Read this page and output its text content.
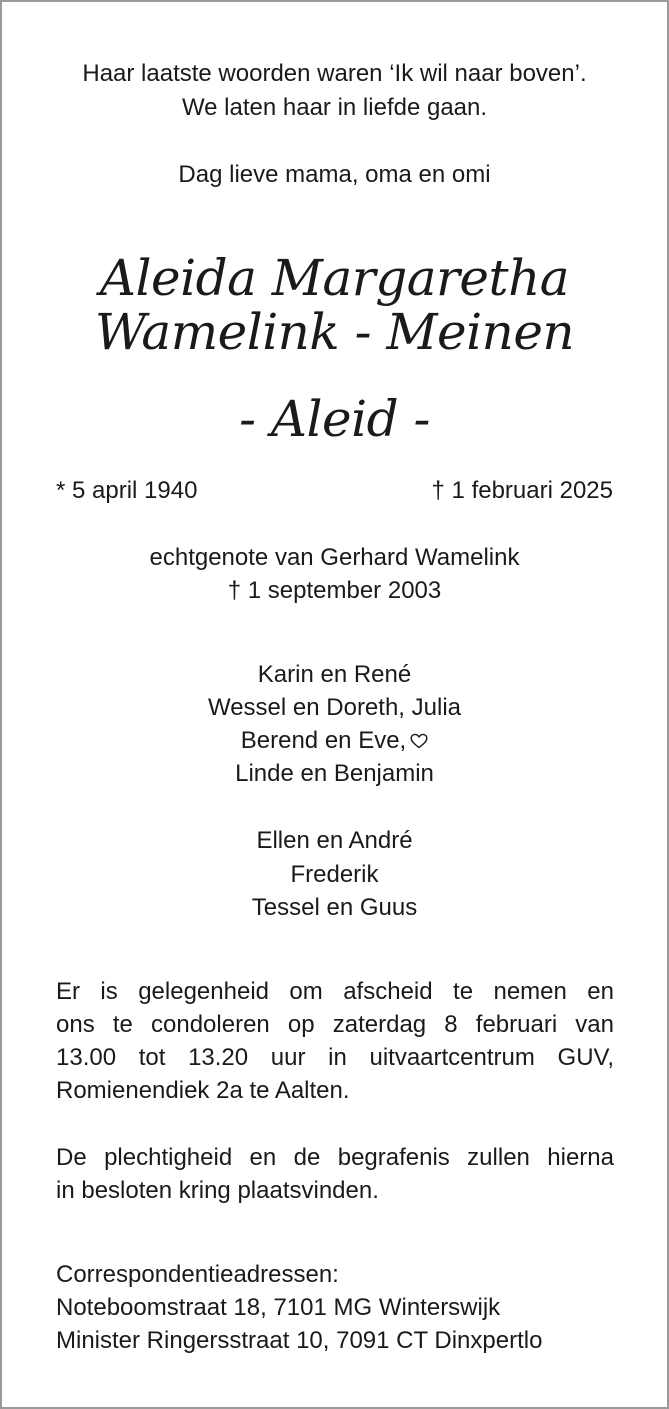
Haar laatste woorden waren ‘Ik wil naar boven’.
We laten haar in liefde gaan.
Dag lieve mama, oma en omi
Aleida Margaretha
Wamelink - Meinen
- Aleid -
* 5 april 1940	† 1 februari 2025
echtgenote van Gerhard Wamelink
† 1 september 2003
Karin en René
Wessel en Doreth, Julia
Berend en Eve,
Linde en Benjamin
Ellen en André
Frederik
Tessel en Guus
Er is gelegenheid om afscheid te nemen en
ons te condoleren op zaterdag 8 februari van
13.00 tot 13.20 uur in uitvaartcentrum GUV,
Romienendiek 2a te Aalten.
De plechtigheid en de begrafenis zullen hierna
in besloten kring plaatsvinden.
Correspondentieadressen:
Noteboomstraat 18, 7101 MG Winterswijk
Minister Ringersstraat 10, 7091 CT Dinxpertlo
